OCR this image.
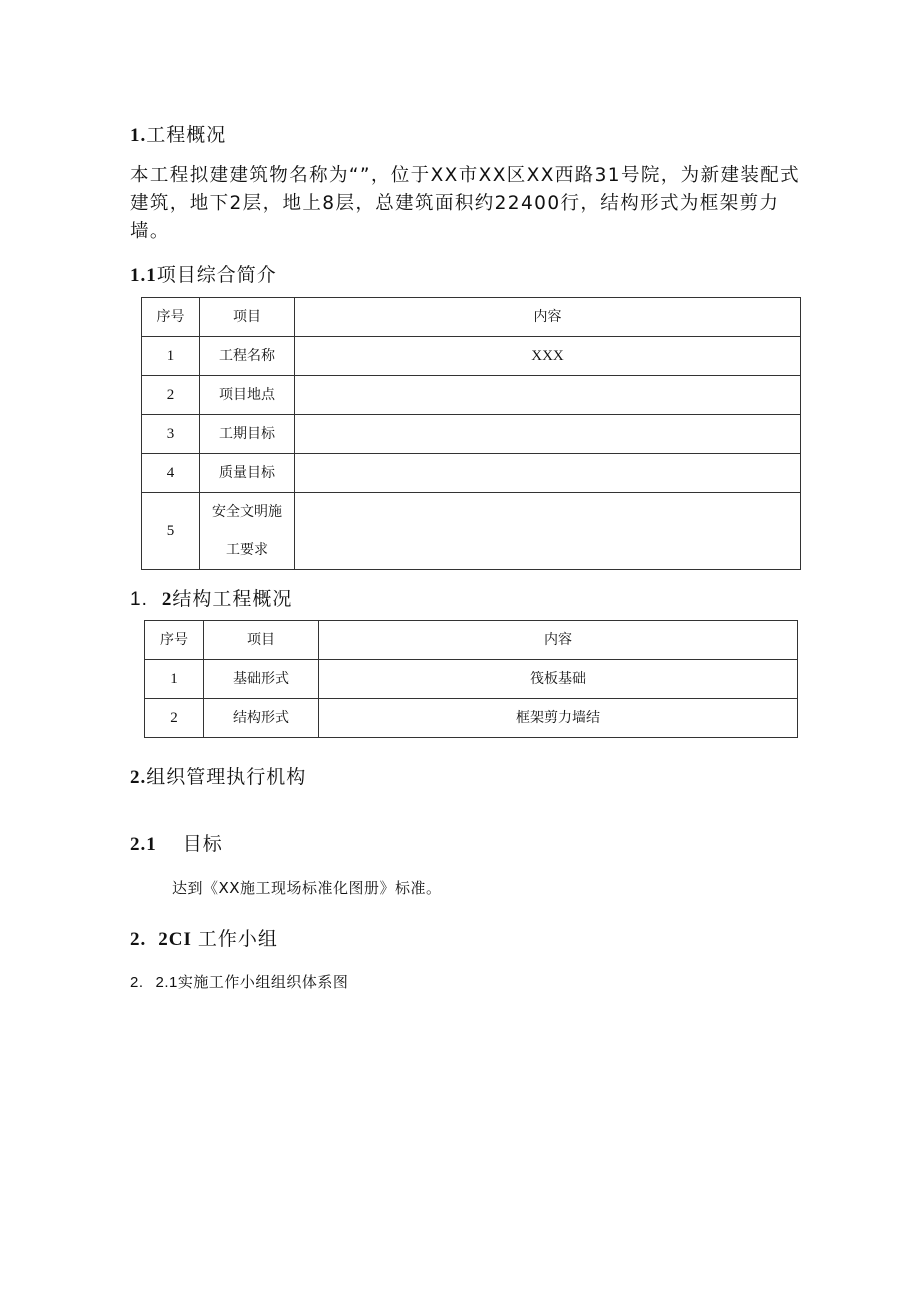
1.工程概况

本工程拟建建筑物名称为“”，位于XX市XX区XX西路31号院，为新建装配式建筑，地下2层，地上8层，总建筑面积约22400行，结构形式为框架剪力墙。

1.1项目综合简介
序号	项目	内容
1	工程名称	XXX
2	项目地点	
3	工期目标	
4	质量目标	
5	安全文明施
工要求	

1. 2结构工程概况
序号	项目	内容
1	基础形式	筏板基础
2	结构形式	框架剪力墙结
2.组织管理执行机构
2.1 目标

达到《XX施工现场标准化图册》标准。

2. 2CI 工作小组
2. 2.1实施工作小组组织体系图
